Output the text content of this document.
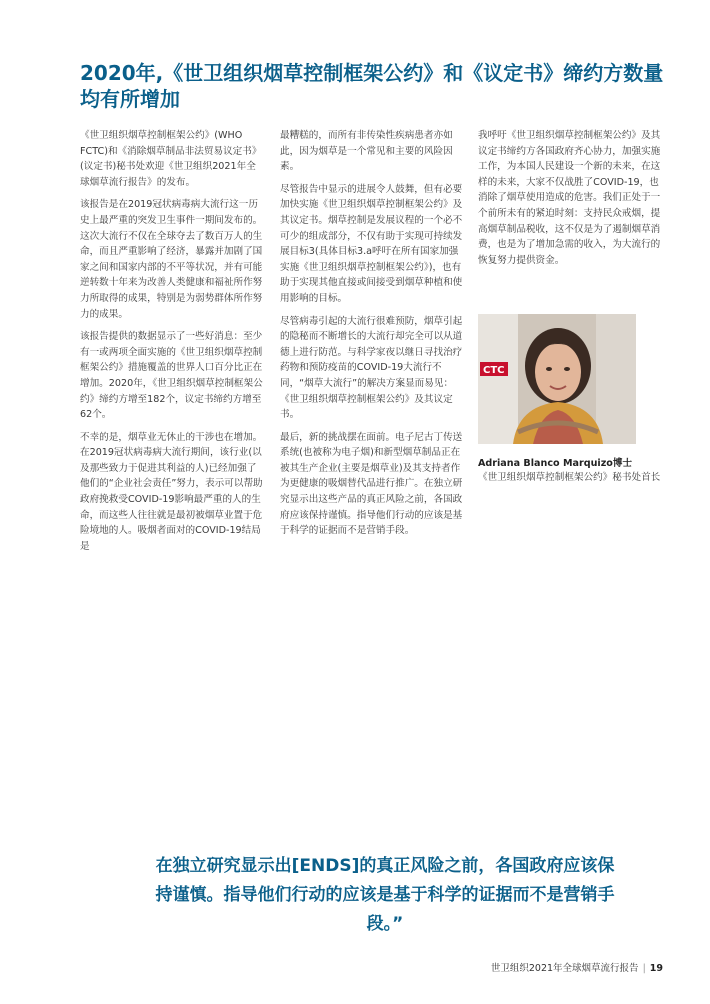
2020年,《世卫组织烟草控制框架公约》和《议定书》缔约方数量均有所增加

《世卫组织烟草控制框架公约》(WHO FCTC)和《消除烟草制品非法贸易议定书》(议定书)秘书处欢迎《世卫组织2021年全球烟草流行报告》的发布。

该报告是在2019冠状病毒病大流行这一历史上最严重的突发卫生事件一期间发布的。这次大流行不仅在全球夺去了数百万人的生命，而且严重影响了经济，暴露并加剧了国家之间和国家内部的不平等状况，并有可能逆转数十年来为改善人类健康和福祉所作努力所取得的成果，特别是为弱势群体所作努力的成果。

该报告提供的数据显示了一些好消息：至少有一或两项全面实施的《世卫组织烟草控制框架公约》措施覆盖的世界人口百分比正在增加。2020年，《世卫组织烟草控制框架公约》缔约方增至182个，议定书缔约方增至62个。

不幸的是，烟草业无休止的干涉也在增加。在2019冠状病毒病大流行期间，该行业(以及那些致力于促进其利益的人)已经加强了他们的“企业社会责任”努力，表示可以帮助政府挽救受COVID-19影响最严重的人的生命，而这些人往往就是最初被烟草业置于危险境地的人。吸烟者面对的COVID-19结局是

最糟糕的，而所有非传染性疾病患者亦如此，因为烟草是一个常见和主要的风险因素。

尽管报告中显示的进展令人鼓舞，但有必要加快实施《世卫组织烟草控制框架公约》及其议定书。烟草控制是发展议程的一个必不可少的组成部分，不仅有助于实现可持续发展目标3(具体目标3.a呼吁在所有国家加强实施《世卫组织烟草控制框架公约》)，也有助于实现其他直接或间接受到烟草种植和使用影响的目标。

尽管病毒引起的大流行很难预防，烟草引起的隐秘而不断增长的大流行却完全可以从道德上进行防范。与科学家夜以继日寻找治疗药物和预防疫苗的COVID-19大流行不同，“烟草大流行”的解决方案显而易见：《世卫组织烟草控制框架公约》及其议定书。

最后，新的挑战摆在面前。电子尼古丁传送系统(也被称为电子烟)和新型烟草制品正在被其生产企业(主要是烟草业)及其支持者作为更健康的吸烟替代品进行推广。在独立研究显示出这些产品的真正风险之前，各国政府应该保持谨慎。指导他们行动的应该是基于科学的证据而不是营销手段。

我呼吁《世卫组织烟草控制框架公约》及其议定书缔约方各国政府齐心协力，加强实施工作，为本国人民建设一个新的未来，在这样的未来，大家不仅战胜了COVID-19，也消除了烟草使用造成的危害。我们正处于一个前所未有的紧迫时刻：支持民众戒烟，提高烟草制品税收，这不仅是为了遏制烟草消费，也是为了增加急需的收入，为大流行的恢复努力提供资金。

CTC
Adriana Blanco Marquizo博士
《世卫组织烟草控制框架公约》秘书处首长

在独立研究显示出[ENDS]的真正风险之前，各国政府应该保持谨慎。指导他们行动的应该是基于科学的证据而不是营销手段。”

世卫组织2021年全球烟草流行报告 | 19
